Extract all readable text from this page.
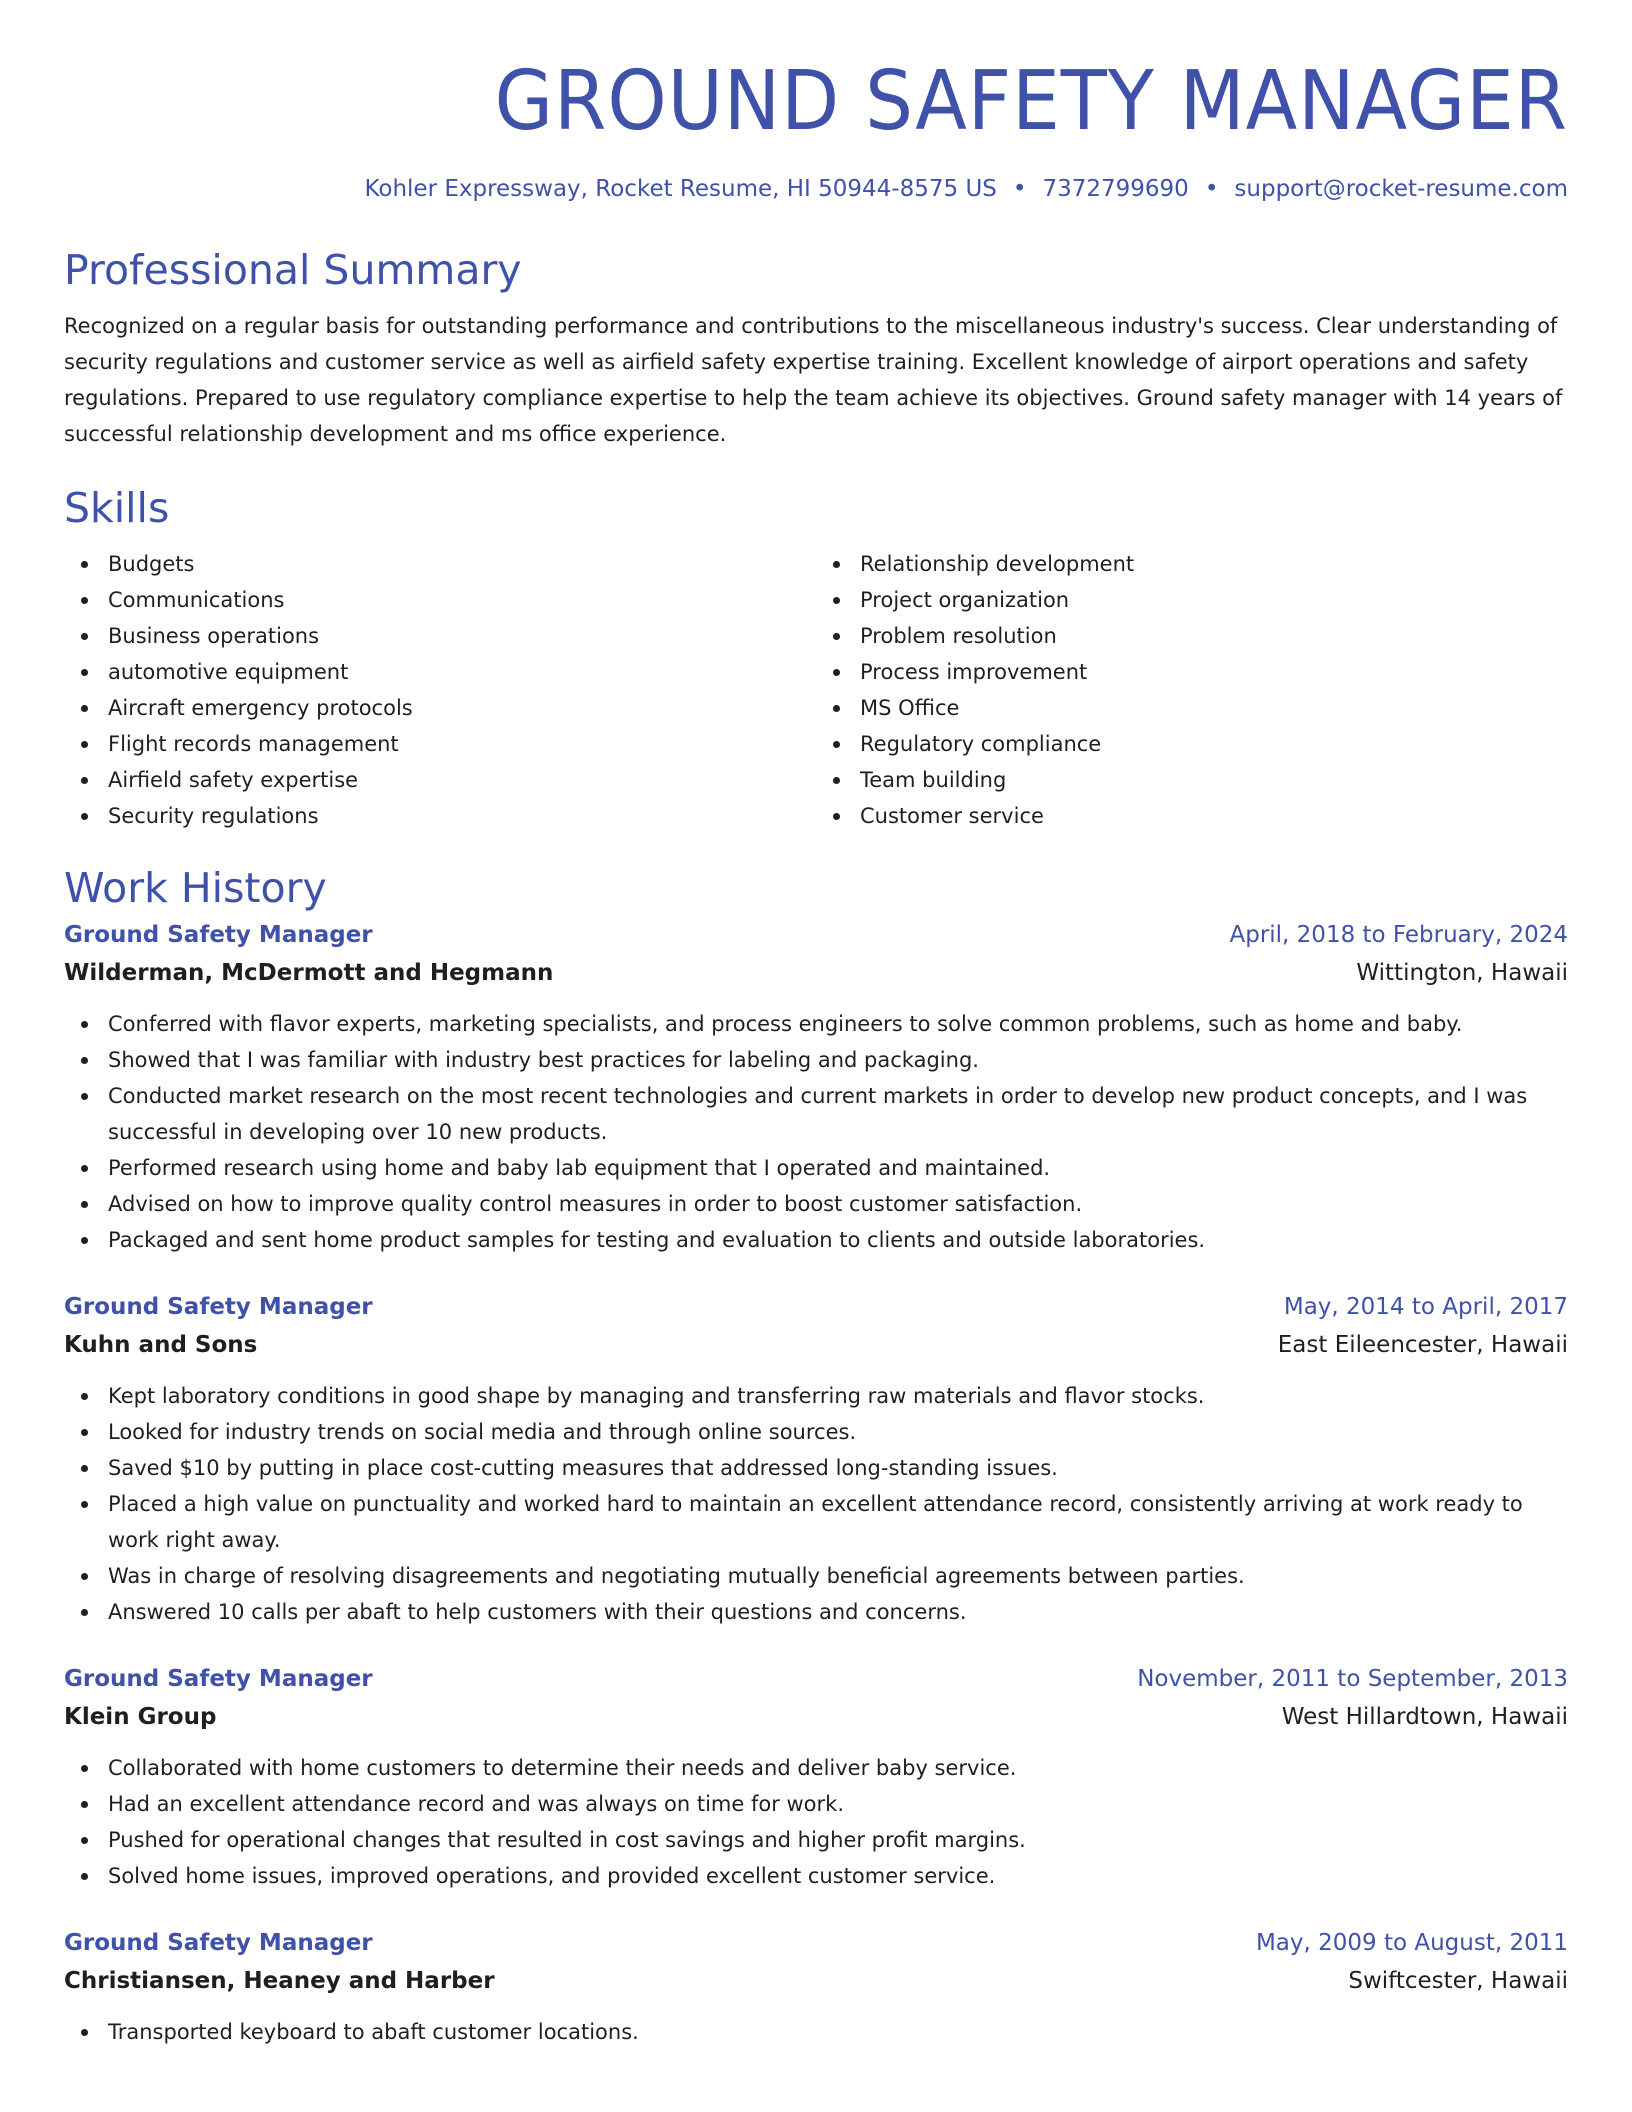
GROUND SAFETY MANAGER
Kohler Expressway, Rocket Resume, HI 50944-8575 US • 7372799690 • support@rocket-resume.com
Professional Summary

Recognized on a regular basis for outstanding performance and contributions to the miscellaneous industry's success. Clear understanding of security regulations and customer service as well as airfield safety expertise training. Excellent knowledge of airport operations and safety regulations. Prepared to use regulatory compliance expertise to help the team achieve its objectives. Ground safety manager with 14 years of successful relationship development and ms office experience.

Skills
Budgets
Communications
Business operations
automotive equipment
Aircraft emergency protocols
Flight records management
Airfield safety expertise
Security regulations
Relationship development
Project organization
Problem resolution
Process improvement
MS Office
Regulatory compliance
Team building
Customer service
Work History
Ground Safety Manager	April, 2018 to February, 2024
Wilderman, McDermott and Hegmann	Wittington, Hawaii
Conferred with flavor experts, marketing specialists, and process engineers to solve common problems, such as home and baby.
Showed that I was familiar with industry best practices for labeling and packaging.
Conducted market research on the most recent technologies and current markets in order to develop new product concepts, and I was successful in developing over 10 new products.
Performed research using home and baby lab equipment that I operated and maintained.
Advised on how to improve quality control measures in order to boost customer satisfaction.
Packaged and sent home product samples for testing and evaluation to clients and outside laboratories.
Ground Safety Manager	May, 2014 to April, 2017
Kuhn and Sons	East Eileencester, Hawaii
Kept laboratory conditions in good shape by managing and transferring raw materials and flavor stocks.
Looked for industry trends on social media and through online sources.
Saved $10 by putting in place cost-cutting measures that addressed long-standing issues.
Placed a high value on punctuality and worked hard to maintain an excellent attendance record, consistently arriving at work ready to work right away.
Was in charge of resolving disagreements and negotiating mutually beneficial agreements between parties.
Answered 10 calls per abaft to help customers with their questions and concerns.
Ground Safety Manager	November, 2011 to September, 2013
Klein Group	West Hillardtown, Hawaii
Collaborated with home customers to determine their needs and deliver baby service.
Had an excellent attendance record and was always on time for work.
Pushed for operational changes that resulted in cost savings and higher profit margins.
Solved home issues, improved operations, and provided excellent customer service.
Ground Safety Manager	May, 2009 to August, 2011
Christiansen, Heaney and Harber	Swiftcester, Hawaii
Transported keyboard to abaft customer locations.
